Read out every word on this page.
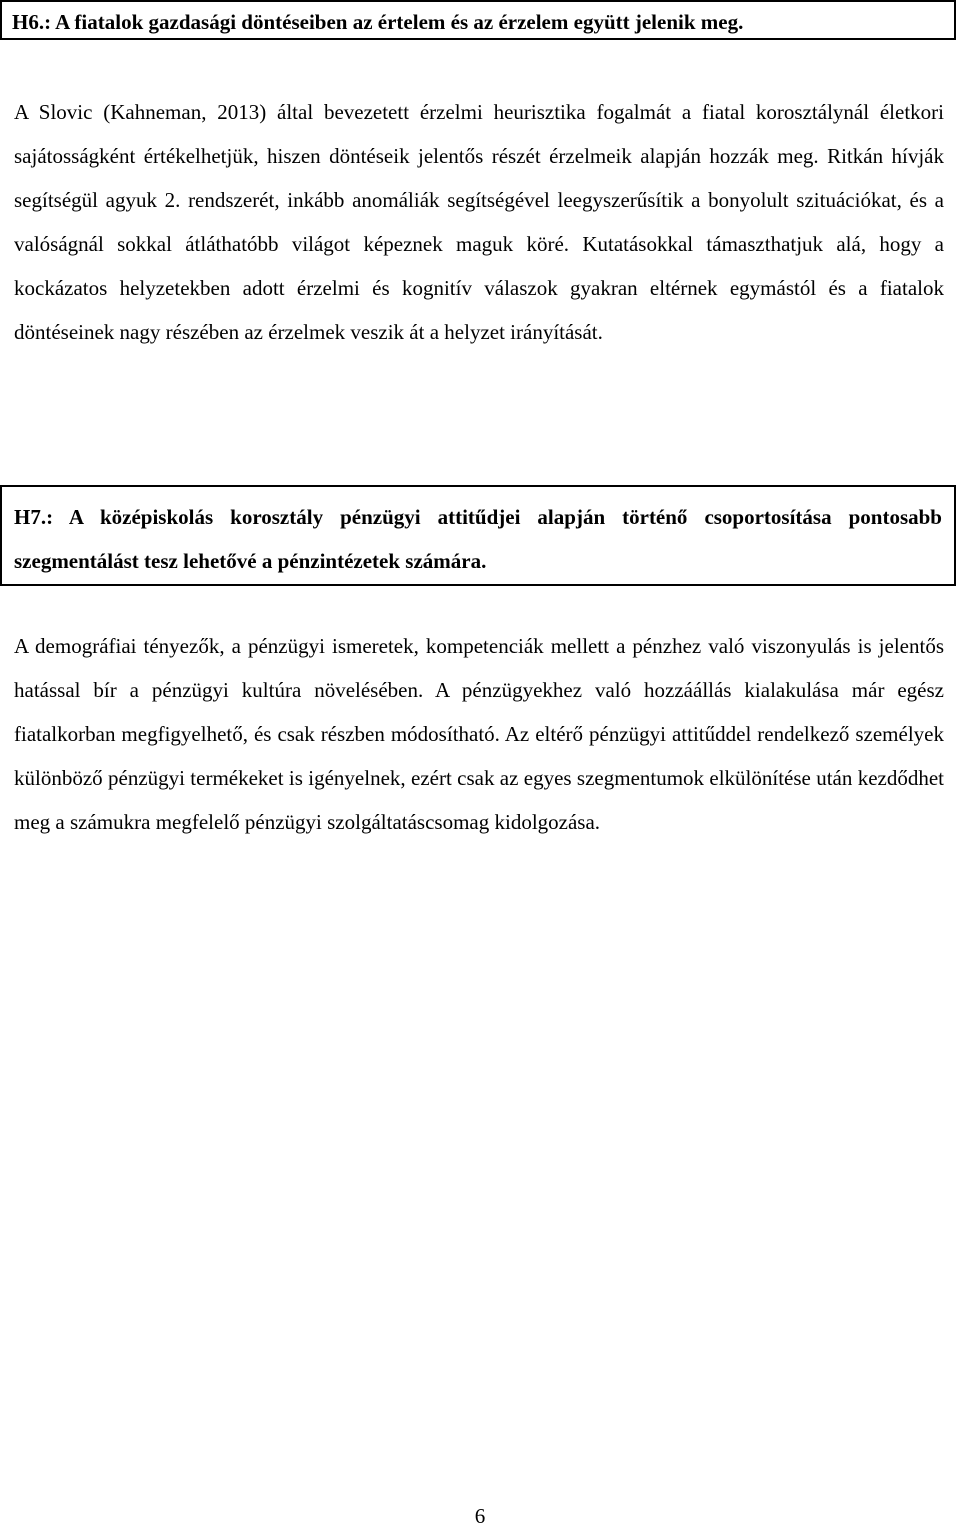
H6.: A fiatalok gazdasági döntéseiben az értelem és az érzelem együtt jelenik meg.

A Slovic (Kahneman, 2013) által bevezetett érzelmi heurisztika fogalmát a fiatal korosztálynál életkori sajátosságként értékelhetjük, hiszen döntéseik jelentős részét érzelmeik alapján hozzák meg. Ritkán hívják segítségül agyuk 2. rendszerét, inkább anomáliák segítségével leegyszerűsítik a bonyolult szituációkat, és a valóságnál sokkal átláthatóbb világot képeznek maguk köré. Kutatásokkal támaszthatjuk alá, hogy a kockázatos helyzetekben adott érzelmi és kognitív válaszok gyakran eltérnek egymástól és a fiatalok döntéseinek nagy részében az érzelmek veszik át a helyzet irányítását.

H7.: A középiskolás korosztály pénzügyi attitűdjei alapján történő csoportosítása pontosabb szegmentálást tesz lehetővé a pénzintézetek számára.

A demográfiai tényezők, a pénzügyi ismeretek, kompetenciák mellett a pénzhez való viszonyulás is jelentős hatással bír a pénzügyi kultúra növelésében. A pénzügyekhez való hozzáállás kialakulása már egész fiatalkorban megfigyelhető, és csak részben módosítható. Az eltérő pénzügyi attitűddel rendelkező személyek különböző pénzügyi termékeket is igényelnek, ezért csak az egyes szegmentumok elkülönítése után kezdődhet meg a számukra megfelelő pénzügyi szolgáltatáscsomag kidolgozása.

6
